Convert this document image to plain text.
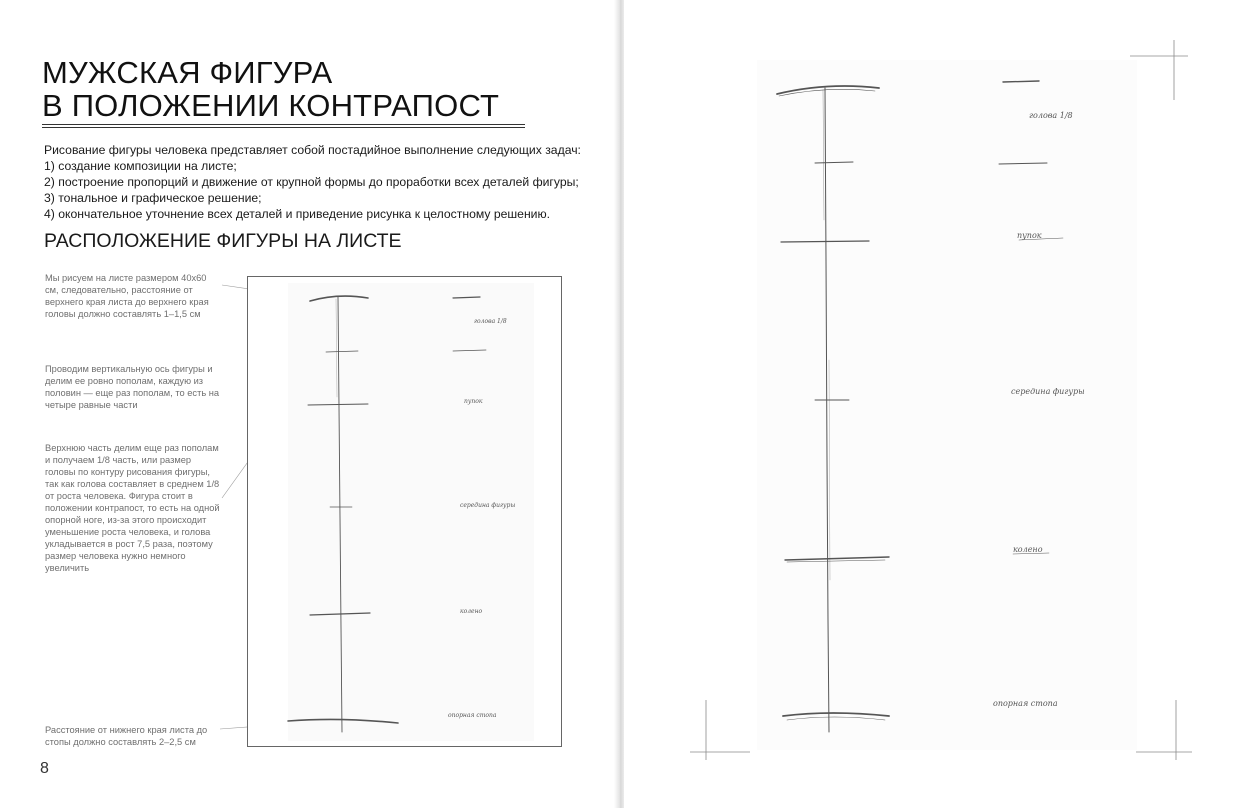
МУЖСКАЯ ФИГУРА
В ПОЛОЖЕНИИ КОНТРАПОСТ
Рисование фигуры человека представляет собой постадийное выполнение следующих задач:
1) создание композиции на листе;
2) построение пропорций и движение от крупной формы до проработки всех деталей фигуры;
3) тональное и графическое решение;
4) окончательное уточнение всех деталей и приведение рисунка к целостному решению.
РАСПОЛОЖЕНИЕ ФИГУРЫ НА ЛИСТЕ
Мы рисуем на листе размером 40х60 см, следовательно, расстояние от верхнего края листа до верхнего края головы должно составлять 1–1,5 см
Проводим вертикальную ось фигуры и делим ее ровно пополам, каждую из половин — еще раз пополам, то есть на четыре равные части
Верхнюю часть делим еще раз пополам и получаем 1/8 часть, или размер головы по контуру рисования фигуры, так как голова составляет в среднем 1/8 от роста человека. Фигура стоит в положении контрапост, то есть на одной опорной ноге, из-за этого происходит уменьшение роста человека, и голова укладывается в рост 7,5 раза, поэтому размер человека нужно немного увеличить
Расстояние от нижнего края листа до стопы должно составлять 2–2,5 см
голова 1/8
пупок
середина фигуры
колено
опорная стопа
8
голова 1/8
пупок
середина фигуры
колено
опорная стопа
